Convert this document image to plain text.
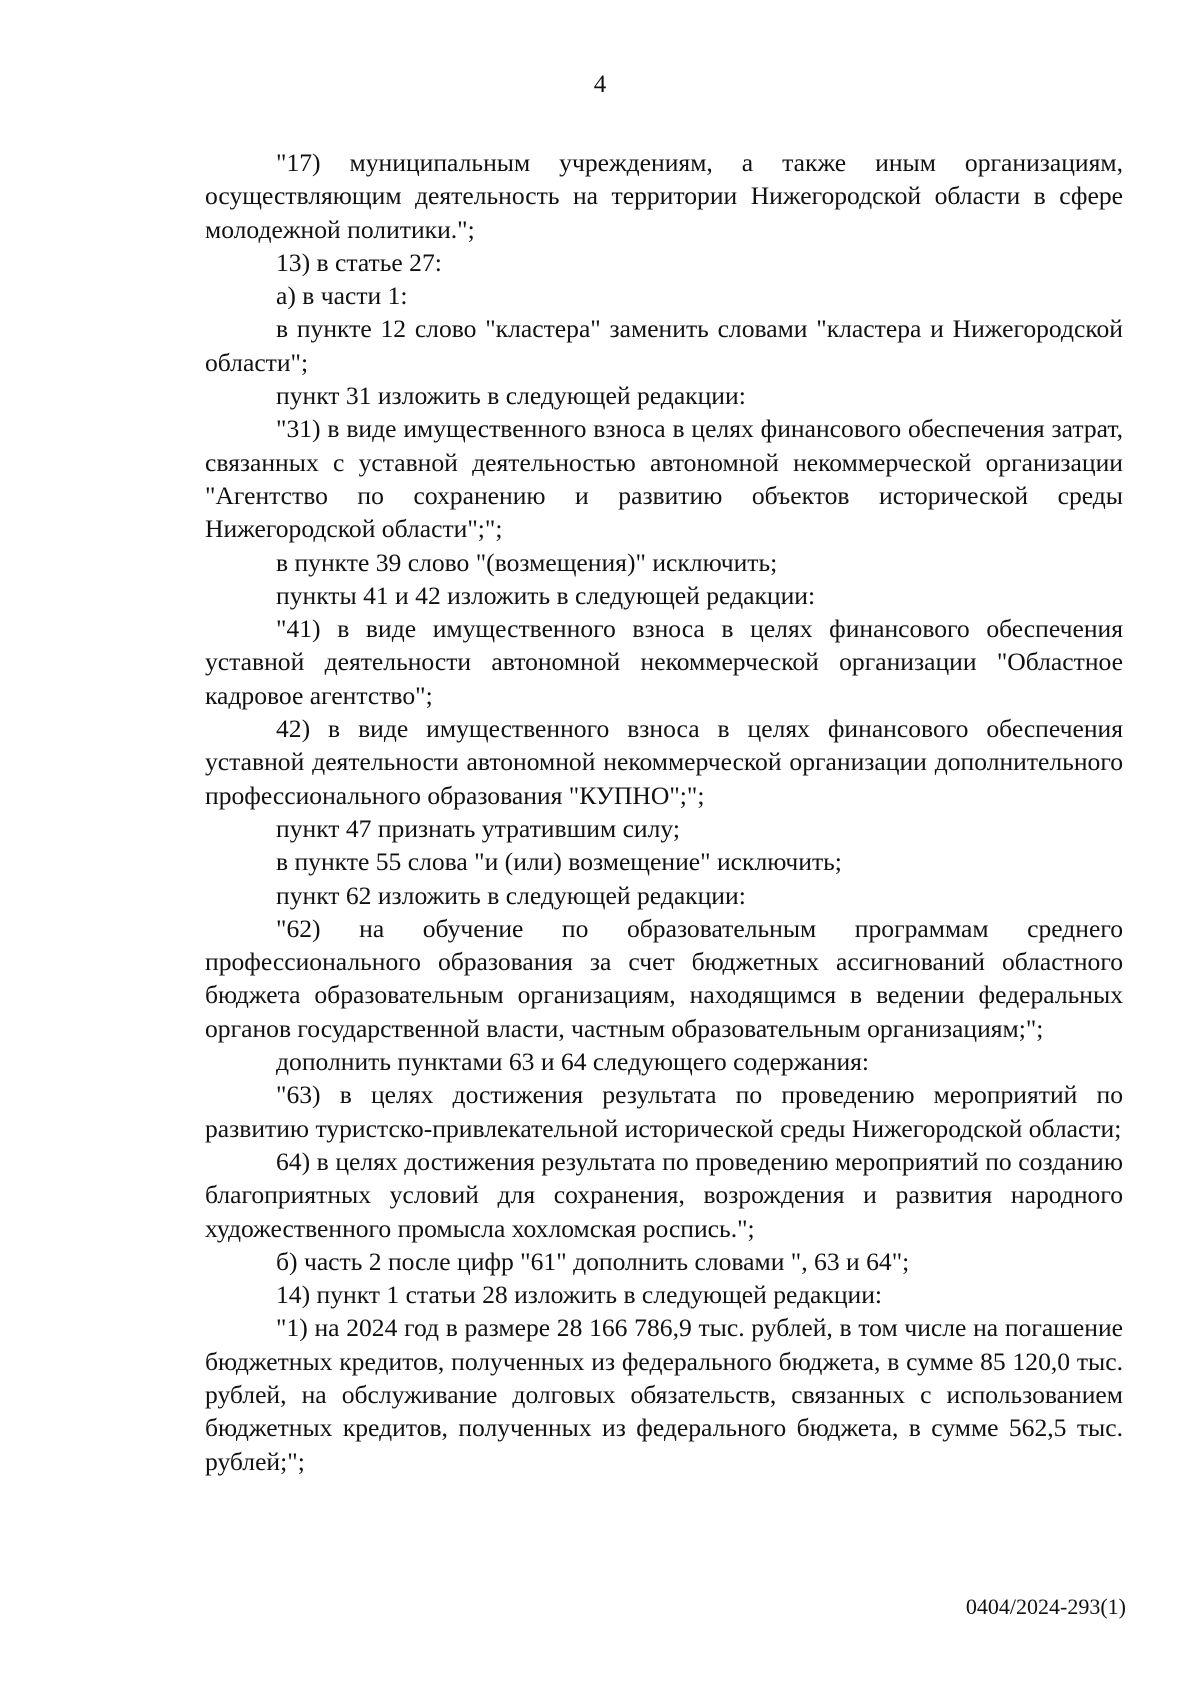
4

"17) муниципальным учреждениям, а также иным организациям, осуществляющим деятельность на территории Нижегородской области в сфере молодежной политики.";

13) в статье 27:

а) в части 1:

в пункте 12 слово "кластера" заменить словами "кластера и Нижегородской области";

пункт 31 изложить в следующей редакции:

"31) в виде имущественного взноса в целях финансового обеспечения затрат, связанных с уставной деятельностью автономной некоммерческой организации "Агентство по сохранению и развитию объектов исторической среды Нижегородской области";";

в пункте 39 слово "(возмещения)" исключить;

пункты 41 и 42 изложить в следующей редакции:

"41) в виде имущественного взноса в целях финансового обеспечения уставной деятельности автономной некоммерческой организации "Областное кадровое агентство";

42) в виде имущественного взноса в целях финансового обеспечения уставной деятельности автономной некоммерческой организации дополнительного профессионального образования "КУПНО";";

пункт 47 признать утратившим силу;

в пункте 55 слова "и (или) возмещение" исключить;

пункт 62 изложить в следующей редакции:

"62) на обучение по образовательным программам среднего профессионального образования за счет бюджетных ассигнований областного бюджета образовательным организациям, находящимся в ведении федеральных органов государственной власти, частным образовательным организациям;";

дополнить пунктами 63 и 64 следующего содержания:

"63) в целях достижения результата по проведению мероприятий по развитию туристско-привлекательной исторической среды Нижегородской области;

64) в целях достижения результата по проведению мероприятий по созданию благоприятных условий для сохранения, возрождения и развития народного художественного промысла хохломская роспись.";

б) часть 2 после цифр "61" дополнить словами ", 63 и 64";

14) пункт 1 статьи 28 изложить в следующей редакции:

"1) на 2024 год в размере 28 166 786,9 тыс. рублей, в том числе на погашение бюджетных кредитов, полученных из федерального бюджета, в сумме 85 120,0 тыс. рублей, на обслуживание долговых обязательств, связанных с использованием бюджетных кредитов, полученных из федерального бюджета, в сумме 562,5 тыс. рублей;";

0404/2024-293(1)
